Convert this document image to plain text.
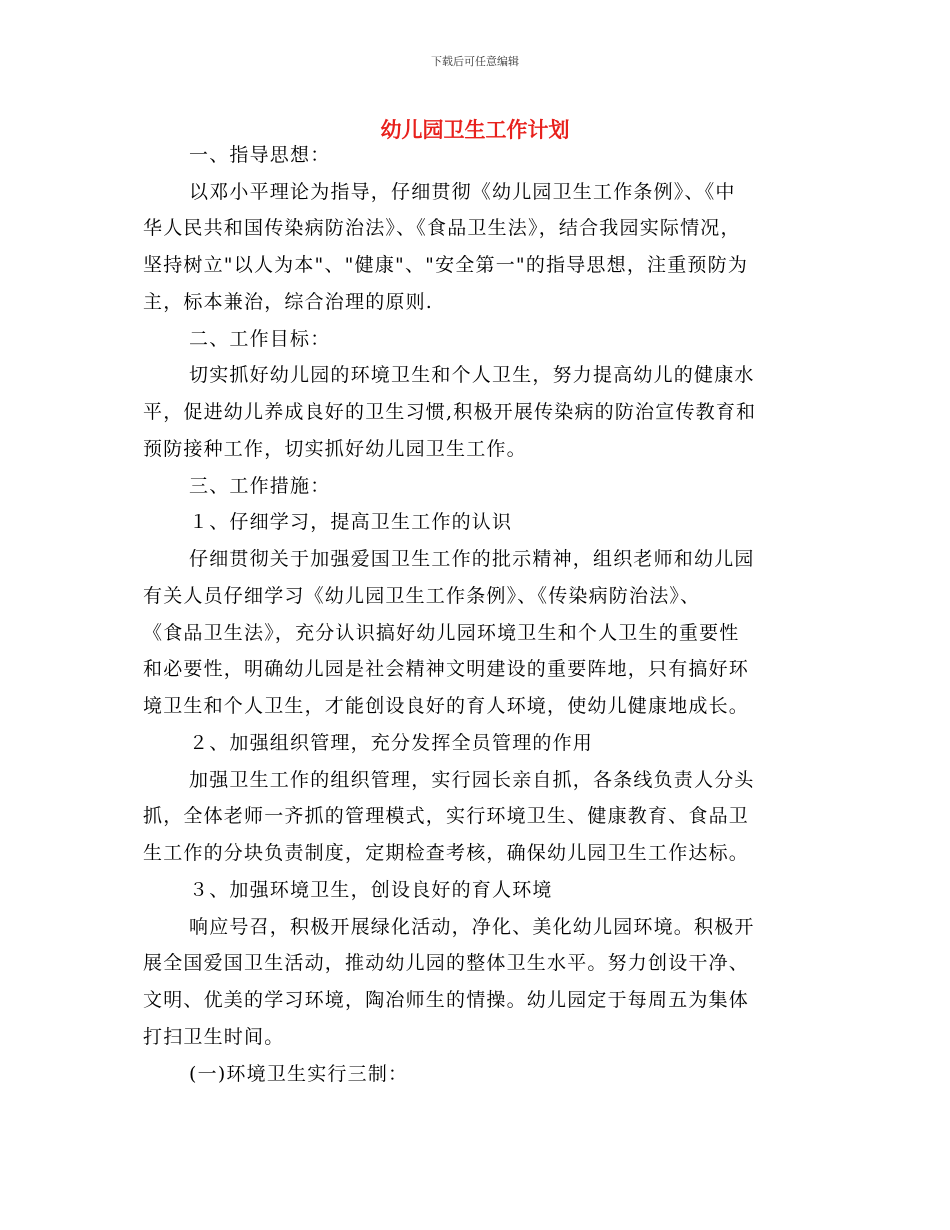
下载后可任意编辑
幼儿园卫生工作计划
一、指导思想：
以邓小平理论为指导，仔细贯彻《幼儿园卫生工作条例》、《中
华人民共和国传染病防治法》、《食品卫生法》，结合我园实际情况，
坚持树立"以人为本"、"健康"、"安全第一"的指导思想，注重预防为
主，标本兼治，综合治理的原则.
二、工作目标：
切实抓好幼儿园的环境卫生和个人卫生，努力提高幼儿的健康水
平，促进幼儿养成良好的卫生习惯,积极开展传染病的防治宣传教育和
预防接种工作，切实抓好幼儿园卫生工作。
三、工作措施：
１、仔细学习，提高卫生工作的认识
仔细贯彻关于加强爱国卫生工作的批示精神，组织老师和幼儿园
有关人员仔细学习《幼儿园卫生工作条例》、《传染病防治法》、
《食品卫生法》，充分认识搞好幼儿园环境卫生和个人卫生的重要性
和必要性，明确幼儿园是社会精神文明建设的重要阵地，只有搞好环
境卫生和个人卫生，才能创设良好的育人环境，使幼儿健康地成长。
２、加强组织管理，充分发挥全员管理的作用
加强卫生工作的组织管理，实行园长亲自抓，各条线负责人分头
抓，全体老师一齐抓的管理模式，实行环境卫生、健康教育、食品卫
生工作的分块负责制度，定期检查考核，确保幼儿园卫生工作达标。
３、加强环境卫生，创设良好的育人环境
响应号召，积极开展绿化活动，净化、美化幼儿园环境。积极开
展全国爱国卫生活动，推动幼儿园的整体卫生水平。努力创设干净、
文明、优美的学习环境，陶冶师生的情操。幼儿园定于每周五为集体
打扫卫生时间。
(一)环境卫生实行三制：
